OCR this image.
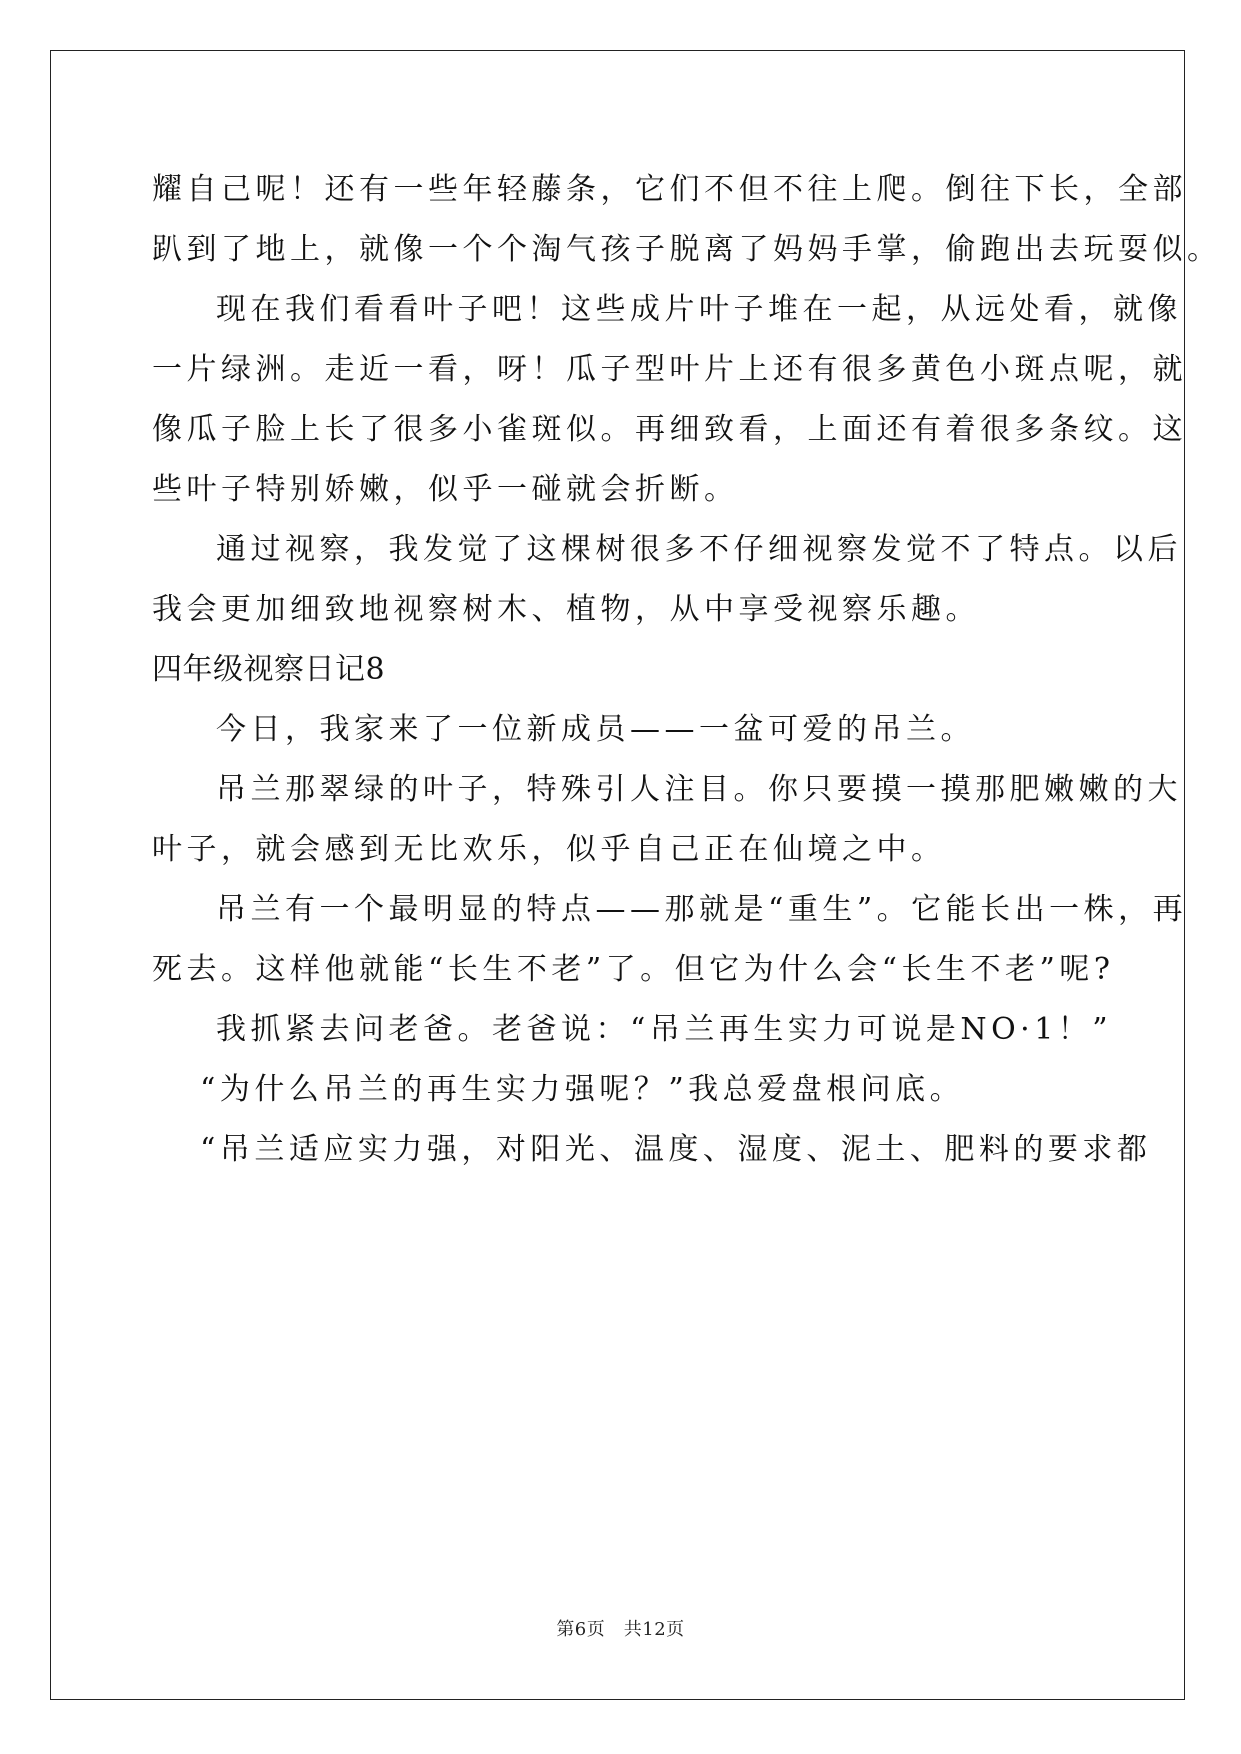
耀自己呢！还有一些年轻藤条，它们不但不往上爬。倒往下长，全部
趴到了地上，就像一个个淘气孩子脱离了妈妈手掌，偷跑出去玩耍似。
现在我们看看叶子吧！这些成片叶子堆在一起，从远处看，就像
一片绿洲。走近一看，呀！瓜子型叶片上还有很多黄色小斑点呢，就
像瓜子脸上长了很多小雀斑似。再细致看，上面还有着很多条纹。这
些叶子特别娇嫩，似乎一碰就会折断。
通过视察，我发觉了这棵树很多不仔细视察发觉不了特点。以后
我会更加细致地视察树木、植物，从中享受视察乐趣。
四年级视察日记8
今日，我家来了一位新成员——一盆可爱的吊兰。
吊兰那翠绿的叶子，特殊引人注目。你只要摸一摸那肥嫩嫩的大
叶子，就会感到无比欢乐，似乎自己正在仙境之中。
吊兰有一个最明显的特点——那就是“重生”。它能长出一株，再
死去。这样他就能“长生不老”了。但它为什么会“长生不老”呢?
我抓紧去问老爸。老爸说：“吊兰再生实力可说是NO·1！”
“为什么吊兰的再生实力强呢？”我总爱盘根问底。
“吊兰适应实力强，对阳光、温度、湿度、泥土、肥料的要求都
第6页　共12页
